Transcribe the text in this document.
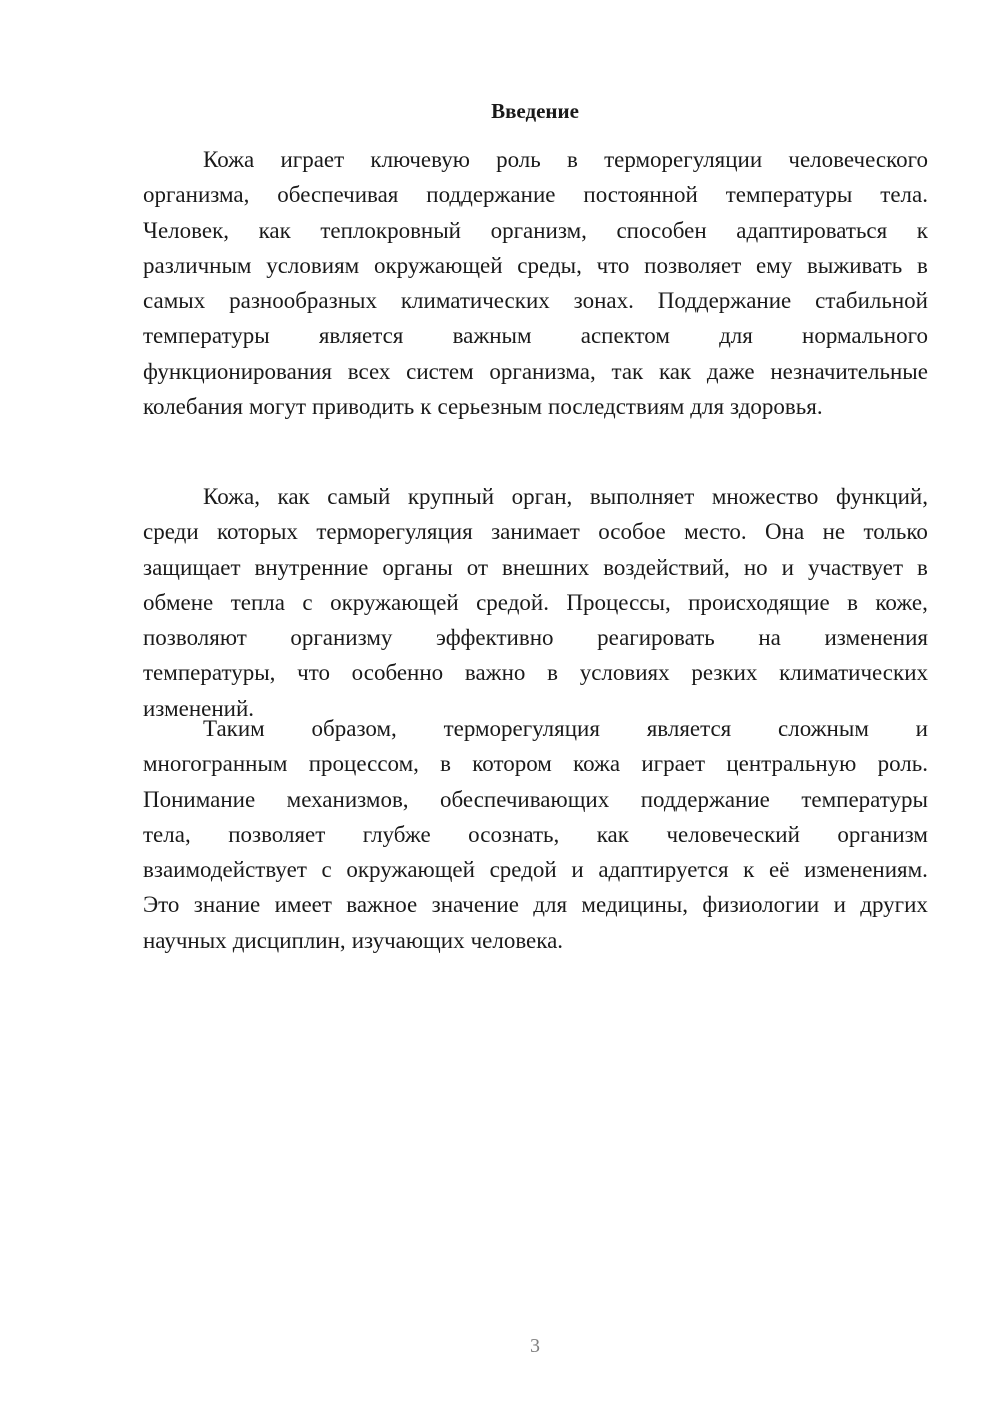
Введение
Кожа играет ключевую роль в терморегуляции человеческого
организма, обеспечивая поддержание постоянной температуры тела.
Человек, как теплокровный организм, способен адаптироваться к
различным условиям окружающей среды, что позволяет ему выживать в
самых разнообразных климатических зонах. Поддержание стабильной
температуры является важным аспектом для нормального
функционирования всех систем организма, так как даже незначительные
колебания могут приводить к серьезным последствиям для здоровья.
Кожа, как самый крупный орган, выполняет множество функций,
среди которых терморегуляция занимает особое место. Она не только
защищает внутренние органы от внешних воздействий, но и участвует в
обмене тепла с окружающей средой. Процессы, происходящие в коже,
позволяют организму эффективно реагировать на изменения
температуры, что особенно важно в условиях резких климатических
изменений.
Таким образом, терморегуляция является сложным и
многогранным процессом, в котором кожа играет центральную роль.
Понимание механизмов, обеспечивающих поддержание температуры
тела, позволяет глубже осознать, как человеческий организм
взаимодействует с окружающей средой и адаптируется к её изменениям.
Это знание имеет важное значение для медицины, физиологии и других
научных дисциплин, изучающих человека.
3
